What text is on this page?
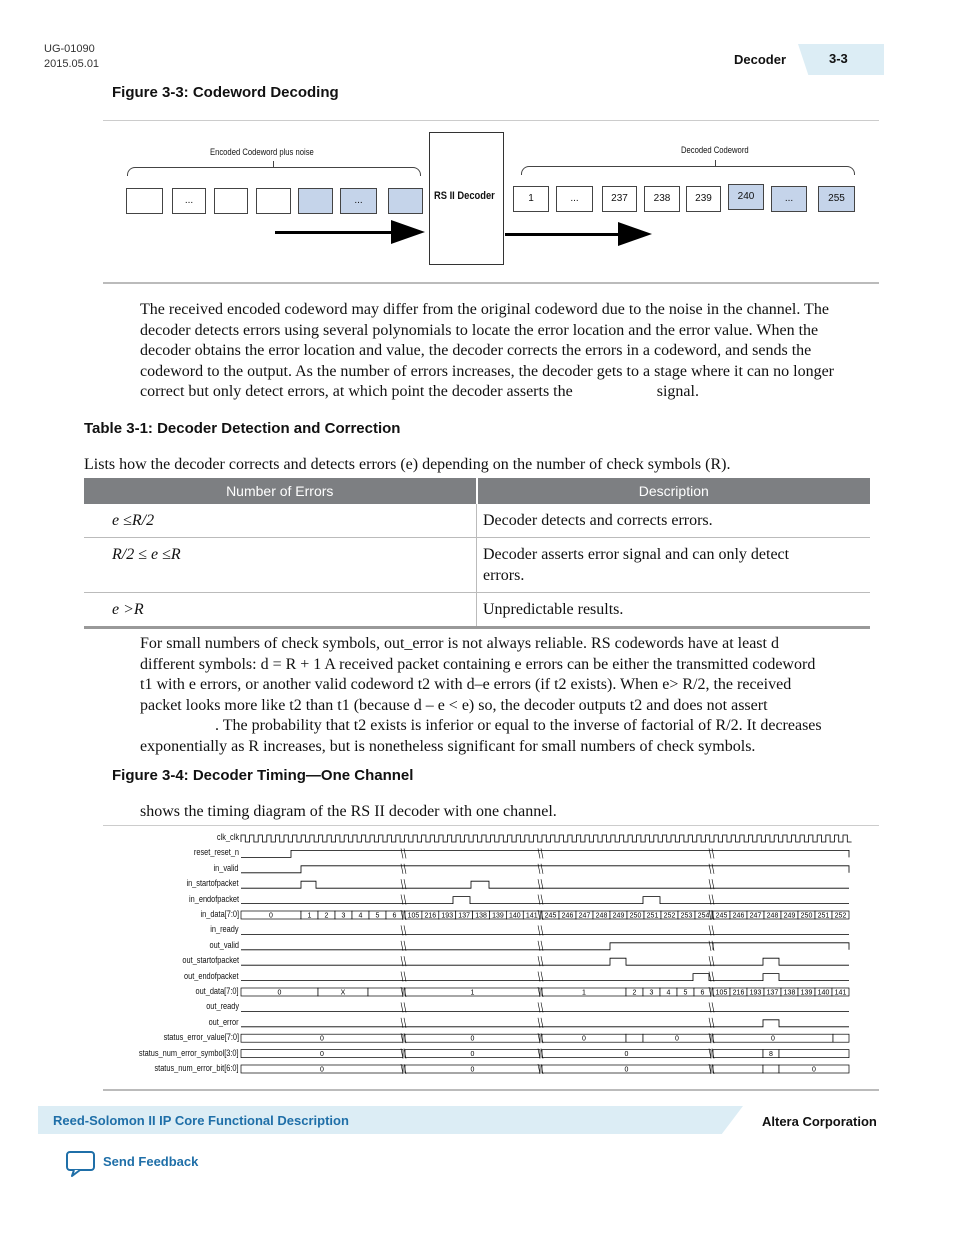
UG-01090
2015.05.01	Decoder	3-3
Figure 3-3: Codeword Decoding
Encoded Codeword plus noise
...	...	RS II Decoder
Decoded Codeword
1	...	237	238	239	240	...	255
The received encoded codeword may differ from the original codeword due to the noise in the channel. The decoder detects errors using several polynomials to locate the error location and the error value. When the decoder obtains the error location and value, the decoder corrects the errors in a codeword, and sends the codeword to the output. As the number of errors increases, the decoder gets to a stage where it can no longer correct but only detect errors, at which point the decoder asserts the	signal.
Table 3-1: Decoder Detection and Correction
Lists how the decoder corrects and detects errors (e) depending on the number of check symbols (R).
Number of Errors	Description
e ≤R/2	Decoder detects and corrects errors.
R/2 ≤ e ≤R	Decoder asserts error signal and can only detect errors.
e >R	Unpredictable results.
For small numbers of check symbols, out_error is not always reliable. RS codewords have at least d
different symbols: d = R + 1 A received packet containing e errors can be either the transmitted codeword
t1 with e errors, or another valid codeword t2 with d–e errors (if t2 exists). When e> R/2, the received
packet looks more like t2 than t1 (because d – e < e) so, the decoder outputs t2 and does not assert
. The probability that t2 exists is inferior or equal to the inverse of factorial of R/2. It decreases
exponentially as R increases, but is nonetheless significant for small numbers of check symbols.
Figure 3-4: Decoder Timing—One Channel
shows the timing diagram of the RS II decoder with one channel.
clk_clk
reset_reset_n
in_valid
in_startofpacket
in_endofpacket
in_data[7:0]
in_ready
out_valid
out_startofpacket
out_endofpacket
out_data[7:0]
out_ready
out_error
status_error_value[7:0]
status_num_error_symbol[3:0]
status_num_error_bit[6:0]
0	1 2 3 4 5 6 105 216 193 137 138 139 140 141 245 246 247 248 249 250 251 252 253 254 245 246 247 248 249 250 251 252
0	X	1	1	2 3 4 5 6 105 216 193 137 138 139 140 141
0	0	0	0	0
0	0	0	8
0	0	0	0
Reed-Solomon II IP Core Functional Description	Altera Corporation
Send Feedback
